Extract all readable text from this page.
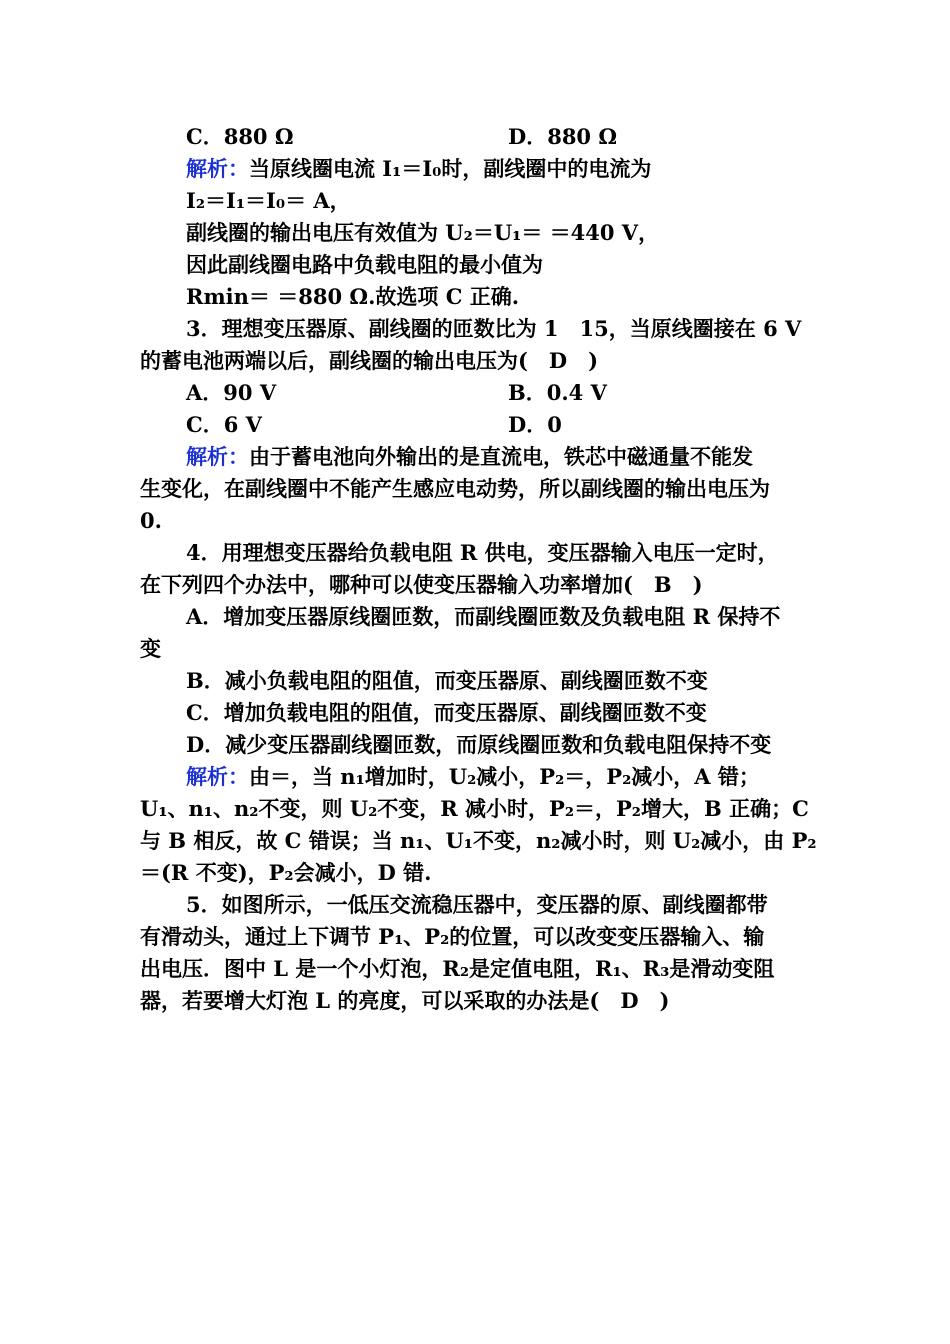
C．880 Ω	D．880 Ω
解析：当原线圈电流 I₁＝I₀时，副线圈中的电流为
I₂＝I₁＝I₀＝ A，
副线圈的输出电压有效值为 U₂＝U₁＝ ＝440 V，
因此副线圈电路中负载电阻的最小值为
Rmin＝ ＝880 Ω.故选项 C 正确.
3．理想变压器原、副线圈的匝数比为 1　15，当原线圈接在 6 V
的蓄电池两端以后，副线圈的输出电压为(　D　)
A．90 V	B．0.4 V
C．6 V	D．0
解析：由于蓄电池向外输出的是直流电，铁芯中磁通量不能发
生变化，在副线圈中不能产生感应电动势，所以副线圈的输出电压为
0.
4．用理想变压器给负载电阻 R 供电，变压器输入电压一定时，
在下列四个办法中，哪种可以使变压器输入功率增加(　B　)
A．增加变压器原线圈匝数，而副线圈匝数及负载电阻 R 保持不
变
B．减小负载电阻的阻值，而变压器原、副线圈匝数不变
C．增加负载电阻的阻值，而变压器原、副线圈匝数不变
D．减少变压器副线圈匝数，而原线圈匝数和负载电阻保持不变
解析：由＝，当 n₁增加时，U₂减小，P₂＝，P₂减小，A 错；
U₁、n₁、n₂不变，则 U₂不变，R 减小时，P₂＝，P₂增大，B 正确；C
与 B 相反，故 C 错误；当 n₁、U₁不变，n₂减小时，则 U₂减小，由 P₂
＝(R 不变)，P₂会减小，D 错.
5．如图所示，一低压交流稳压器中，变压器的原、副线圈都带
有滑动头，通过上下调节 P₁、P₂的位置，可以改变变压器输入、输
出电压．图中 L 是一个小灯泡，R₂是定值电阻，R₁、R₃是滑动变阻
器，若要增大灯泡 L 的亮度，可以采取的办法是(　D　)
